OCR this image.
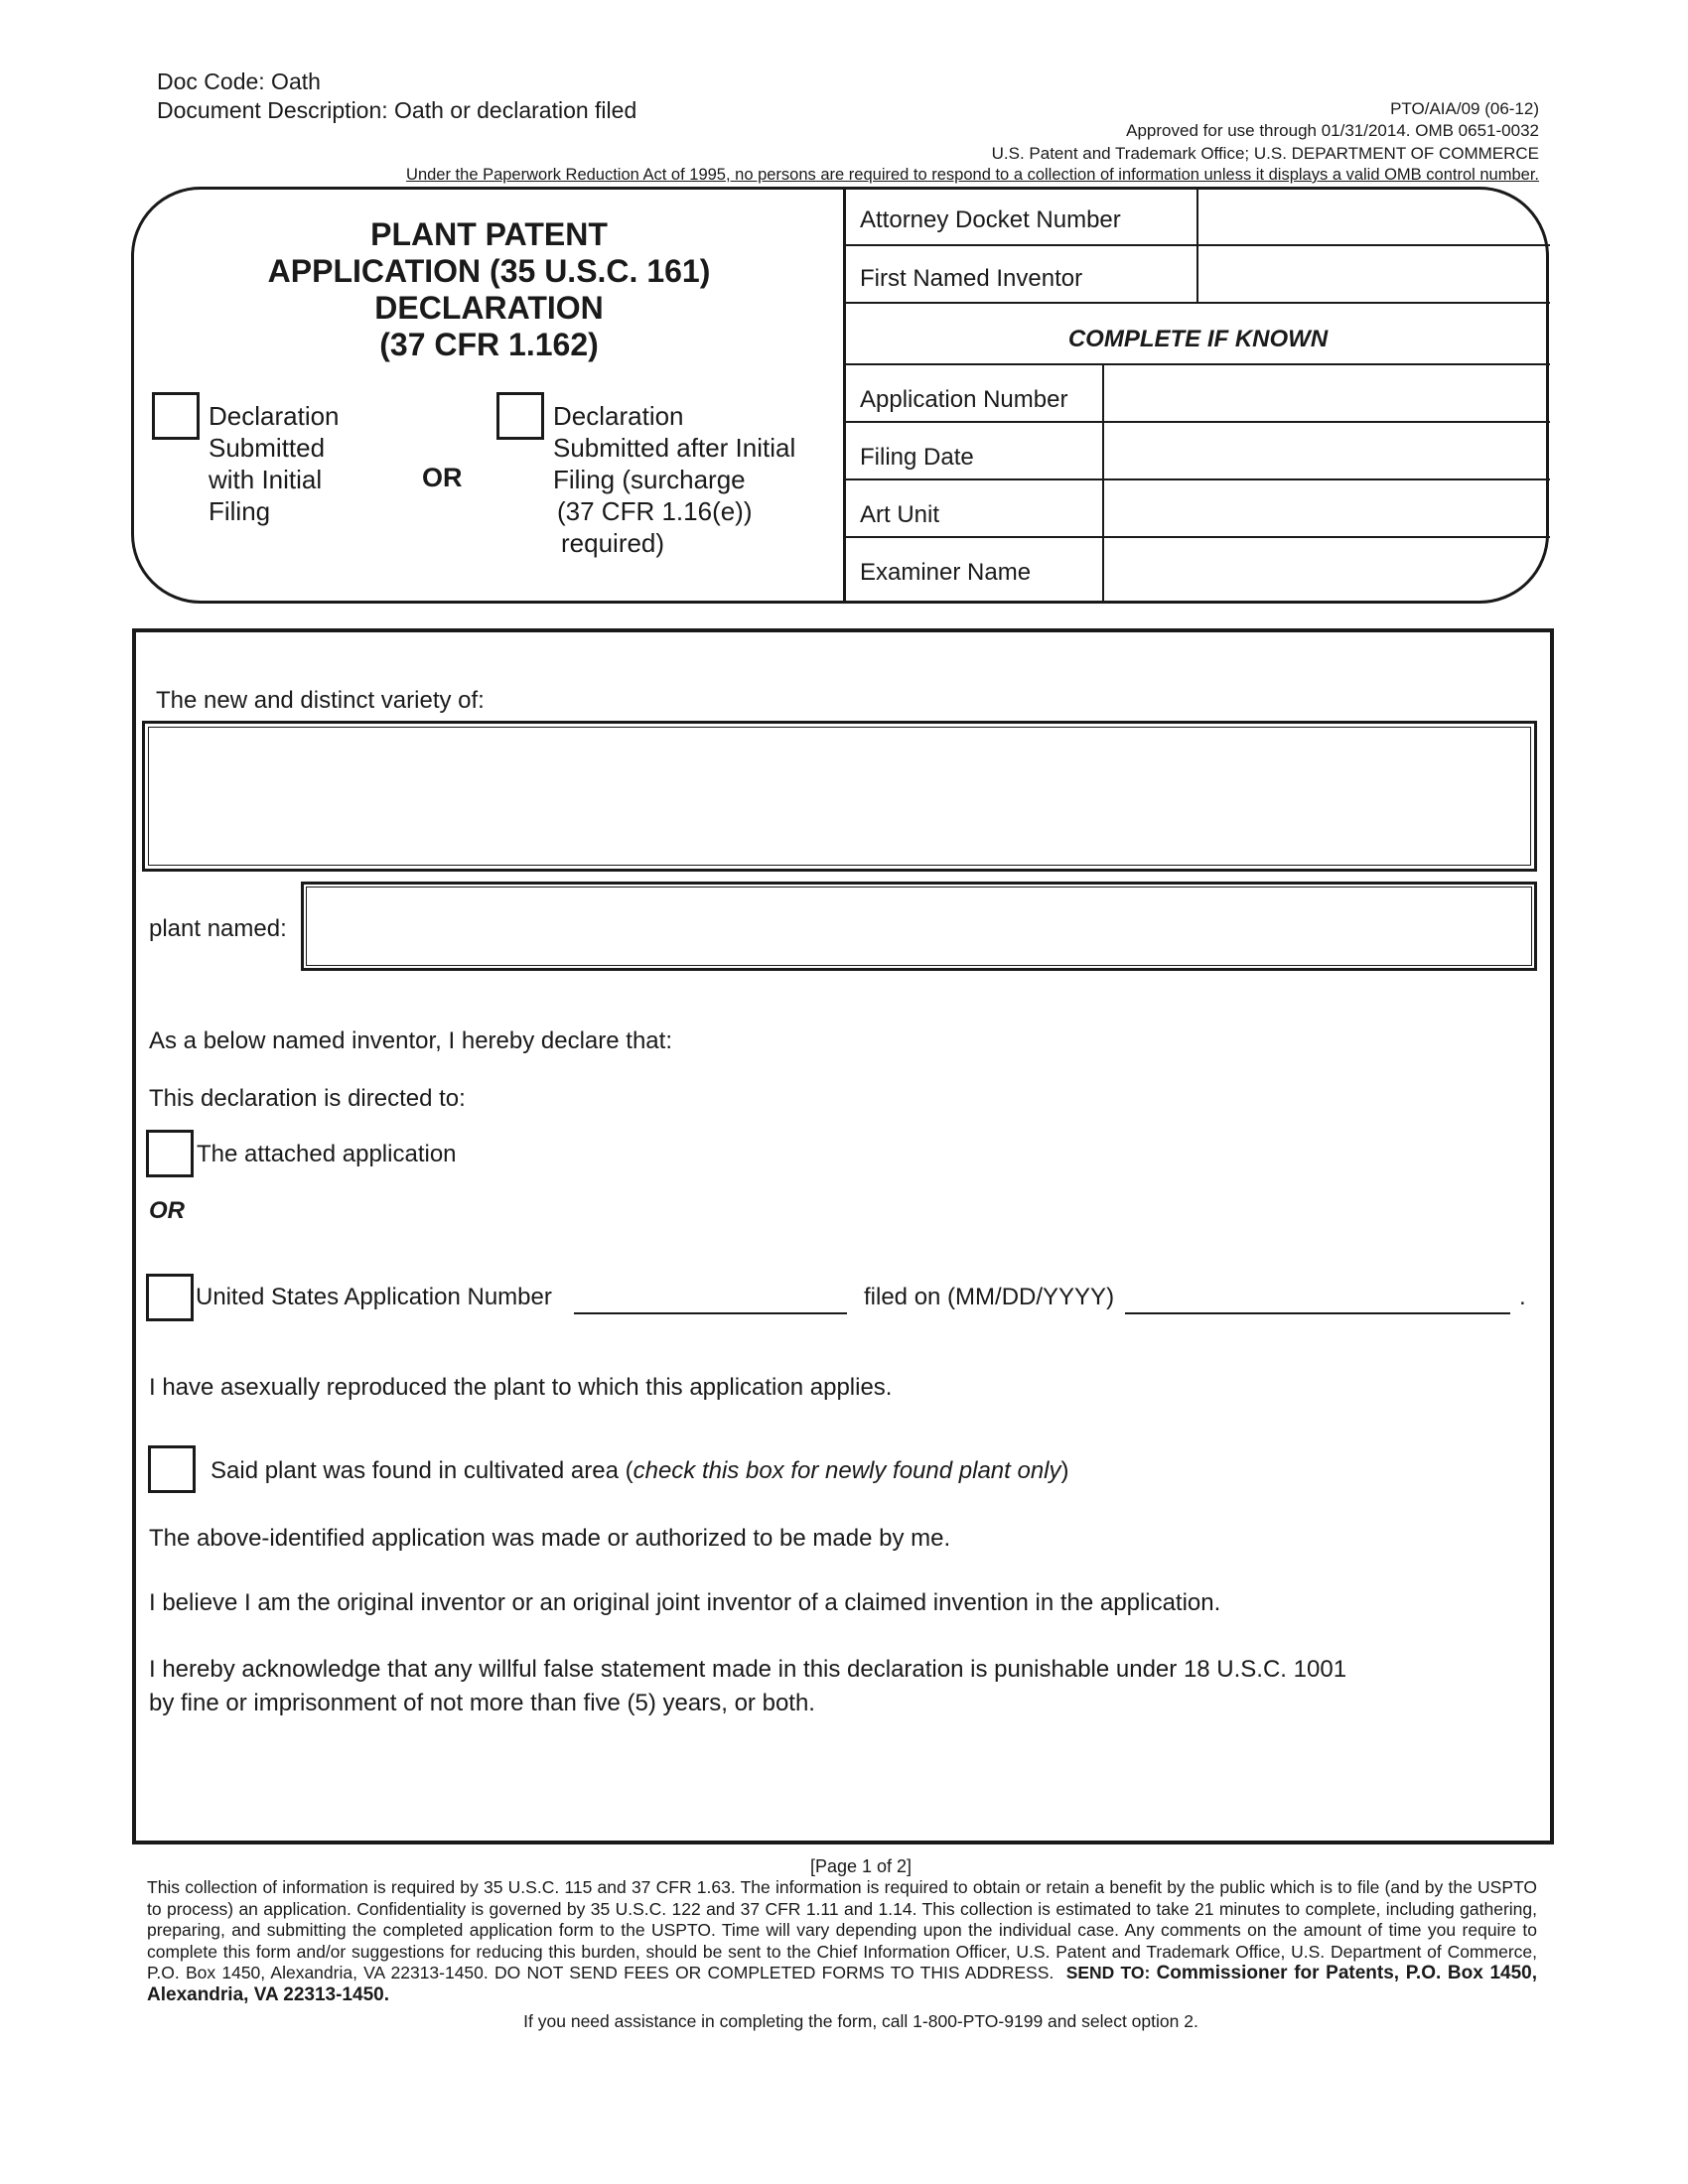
Doc Code: Oath
Document Description: Oath or declaration filed	PTO/AIA/09 (06-12)
Approved for use through 01/31/2014. OMB 0651-0032
U.S. Patent and Trademark Office; U.S. DEPARTMENT OF COMMERCE
Under the Paperwork Reduction Act of 1995, no persons are required to respond to a collection of information unless it displays a valid OMB control number.
PLANT PATENT
APPLICATION (35 U.S.C. 161)
DECLARATION
(37 CFR 1.162)
Declaration
Submitted
with Initial
Filing
OR
Declaration
Submitted after Initial
Filing (surcharge
(37 CFR 1.16(e))
required)
Attorney Docket Number
First Named Inventor
COMPLETE IF KNOWN
Application Number
Filing Date
Art Unit
Examiner Name
The new and distinct variety of:
plant named:
As a below named inventor, I hereby declare that:
This declaration is directed to:
The attached application
OR
United States Application Number	filed on (MM/DD/YYYY)	.
I have asexually reproduced the plant to which this application applies.
Said plant was found in cultivated area (check this box for newly found plant only)
The above-identified application was made or authorized to be made by me.
I believe I am the original inventor or an original joint inventor of a claimed invention in the application.
I hereby acknowledge that any willful false statement made in this declaration is punishable under 18 U.S.C. 1001
by fine or imprisonment of not more than five (5) years, or both.
[Page 1 of 2]
This collection of information is required by 35 U.S.C. 115 and 37 CFR 1.63. The information is required to obtain or retain a benefit by the public which is to file (and by the USPTO to process) an application. Confidentiality is governed by 35 U.S.C. 122 and 37 CFR 1.11 and 1.14. This collection is estimated to take 21 minutes to complete, including gathering, preparing, and submitting the completed application form to the USPTO. Time will vary depending upon the individual case. Any comments on the amount of time you require to complete this form and/or suggestions for reducing this burden, should be sent to the Chief Information Officer, U.S. Patent and Trademark Office, U.S. Department of Commerce, P.O. Box 1450, Alexandria, VA 22313-1450. DO NOT SEND FEES OR COMPLETED FORMS TO THIS ADDRESS. SEND TO: Commissioner for Patents, P.O. Box 1450, Alexandria, VA 22313-1450.
If you need assistance in completing the form, call 1-800-PTO-9199 and select option 2.
